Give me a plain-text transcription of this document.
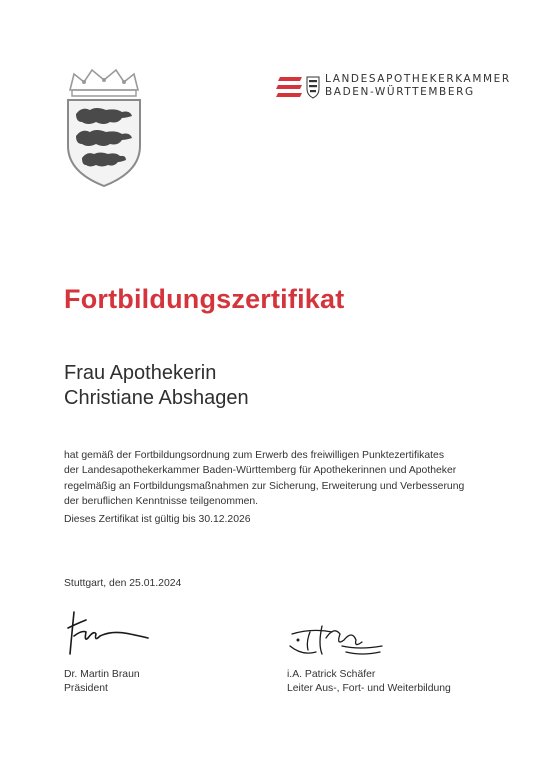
LANDESAPOTHEKERKAMMER
BADEN-WÜRTTEMBERG
Fortbildungszertifikat
Frau Apothekerin
Christiane Abshagen
hat gemäß der Fortbildungsordnung zum Erwerb des freiwilligen Punktezertifikates
der Landesapothekerkammer Baden-Württemberg für Apothekerinnen und Apotheker
regelmäßig an Fortbildungsmaßnahmen zur Sicherung, Erweiterung und Verbesserung
der beruflichen Kenntnisse teilgenommen.
Dieses Zertifikat ist gültig bis 30.12.2026
Stuttgart, den 25.01.2024
Dr. Martin Braun
Präsident
i.A. Patrick Schäfer
Leiter Aus-, Fort- und Weiterbildung
